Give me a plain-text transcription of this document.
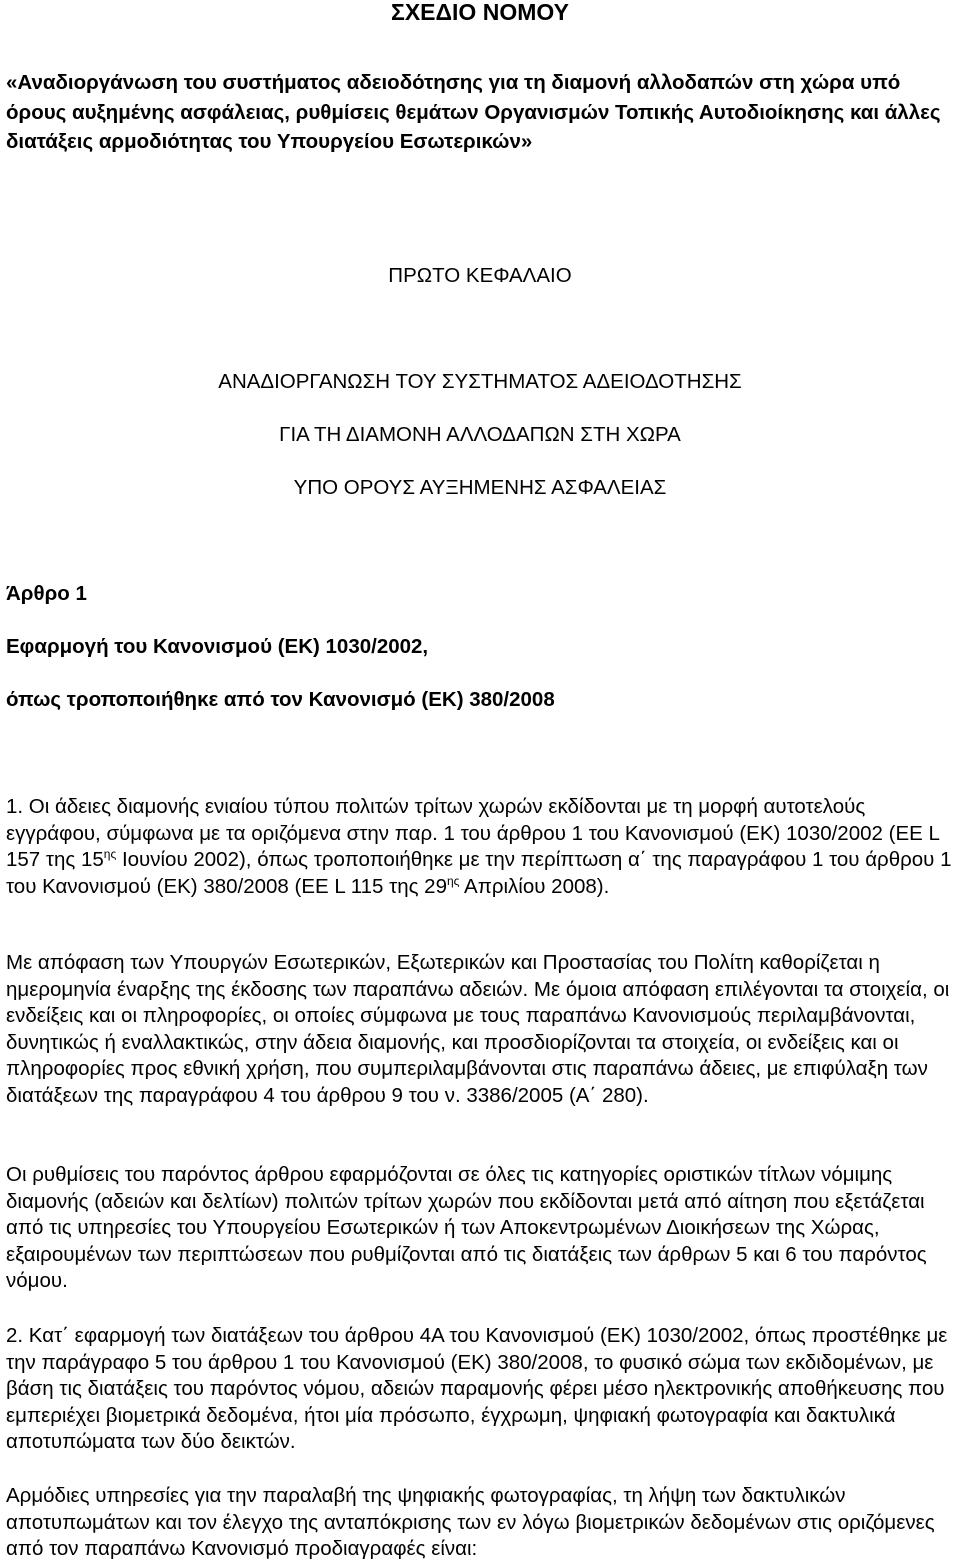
ΣΧΕΔΙΟ ΝΟΜΟΥ
«Αναδιοργάνωση του συστήματος αδειοδότησης για τη διαμονή αλλοδαπών στη χώρα υπό όρους αυξημένης ασφάλειας, ρυθμίσεις θεμάτων Οργανισμών Τοπικής Αυτοδιοίκησης και άλλες διατάξεις αρμοδιότητας του Υπουργείου Εσωτερικών»
ΠΡΩΤΟ ΚΕΦΑΛΑΙΟ
ΑΝΑΔΙΟΡΓΑΝΩΣΗ ΤΟΥ ΣΥΣΤΗΜΑΤΟΣ ΑΔΕΙΟΔΟΤΗΣΗΣ
ΓΙΑ ΤΗ ΔΙΑΜΟΝΗ ΑΛΛΟΔΑΠΩΝ ΣΤΗ ΧΩΡΑ
ΥΠΟ ΟΡΟΥΣ ΑΥΞΗΜΕΝΗΣ ΑΣΦΑΛΕΙΑΣ
Άρθρο 1
Εφαρμογή του Κανονισμού (ΕΚ) 1030/2002,
όπως τροποποιήθηκε από τον Κανονισμό (ΕΚ) 380/2008
1. Οι άδειες διαμονής ενιαίου τύπου πολιτών τρίτων χωρών εκδίδονται με τη μορφή αυτοτελούς εγγράφου, σύμφωνα με τα οριζόμενα στην παρ. 1 του άρθρου 1 του Κανονισμού (ΕΚ) 1030/2002 (ΕΕ L 157 της $15^{\eta\varsigma}$ Ιουνίου 2002), όπως τροποποιήθηκε με την περίπτωση α΄ της παραγράφου 1 του άρθρου 1 του Κανονισμού (ΕΚ) 380/2008 (ΕΕ L 115 της $29^{\eta\varsigma}$ Απριλίου 2008).
Με απόφαση των Υπουργών Εσωτερικών, Εξωτερικών και Προστασίας του Πολίτη καθορίζεται η ημερομηνία έναρξης της έκδοσης των παραπάνω αδειών. Με όμοια απόφαση επιλέγονται τα στοιχεία, οι ενδείξεις και οι πληροφορίες, οι οποίες σύμφωνα με τους παραπάνω Κανονισμούς περιλαμβάνονται, δυνητικώς ή εναλλακτικώς, στην άδεια διαμονής, και προσδιορίζονται τα στοιχεία, οι ενδείξεις και οι πληροφορίες προς εθνική χρήση, που συμπεριλαμβάνονται στις παραπάνω άδειες, με επιφύλαξη των διατάξεων της παραγράφου 4 του άρθρου 9 του ν. 3386/2005 (Α΄ 280).
Οι ρυθμίσεις του παρόντος άρθρου εφαρμόζονται σε όλες τις κατηγορίες οριστικών τίτλων νόμιμης διαμονής (αδειών και δελτίων) πολιτών τρίτων χωρών που εκδίδονται μετά από αίτηση που εξετάζεται από τις υπηρεσίες του Υπουργείου Εσωτερικών ή των Αποκεντρωμένων Διοικήσεων της Χώρας, εξαιρουμένων των περιπτώσεων που ρυθμίζονται από τις διατάξεις των άρθρων 5 και 6 του παρόντος νόμου.
2. Κατ΄ εφαρμογή των διατάξεων του άρθρου 4Α του Κανονισμού (ΕΚ) 1030/2002, όπως προστέθηκε με την παράγραφο 5 του άρθρου 1 του Κανονισμού (ΕΚ) 380/2008, το φυσικό σώμα των εκδιδομένων, με βάση τις διατάξεις του παρόντος νόμου, αδειών παραμονής φέρει μέσο ηλεκτρονικής αποθήκευσης που εμπεριέχει βιομετρικά δεδομένα, ήτοι μία πρόσωπο, έγχρωμη, ψηφιακή φωτογραφία και δακτυλικά αποτυπώματα των δύο δεικτών.
Αρμόδιες υπηρεσίες για την παραλαβή της ψηφιακής φωτογραφίας, τη λήψη των δακτυλικών αποτυπωμάτων και τον έλεγχο της ανταπόκρισης των εν λόγω βιομετρικών δεδομένων στις οριζόμενες από τον παραπάνω Κανονισμό προδιαγραφές είναι:
